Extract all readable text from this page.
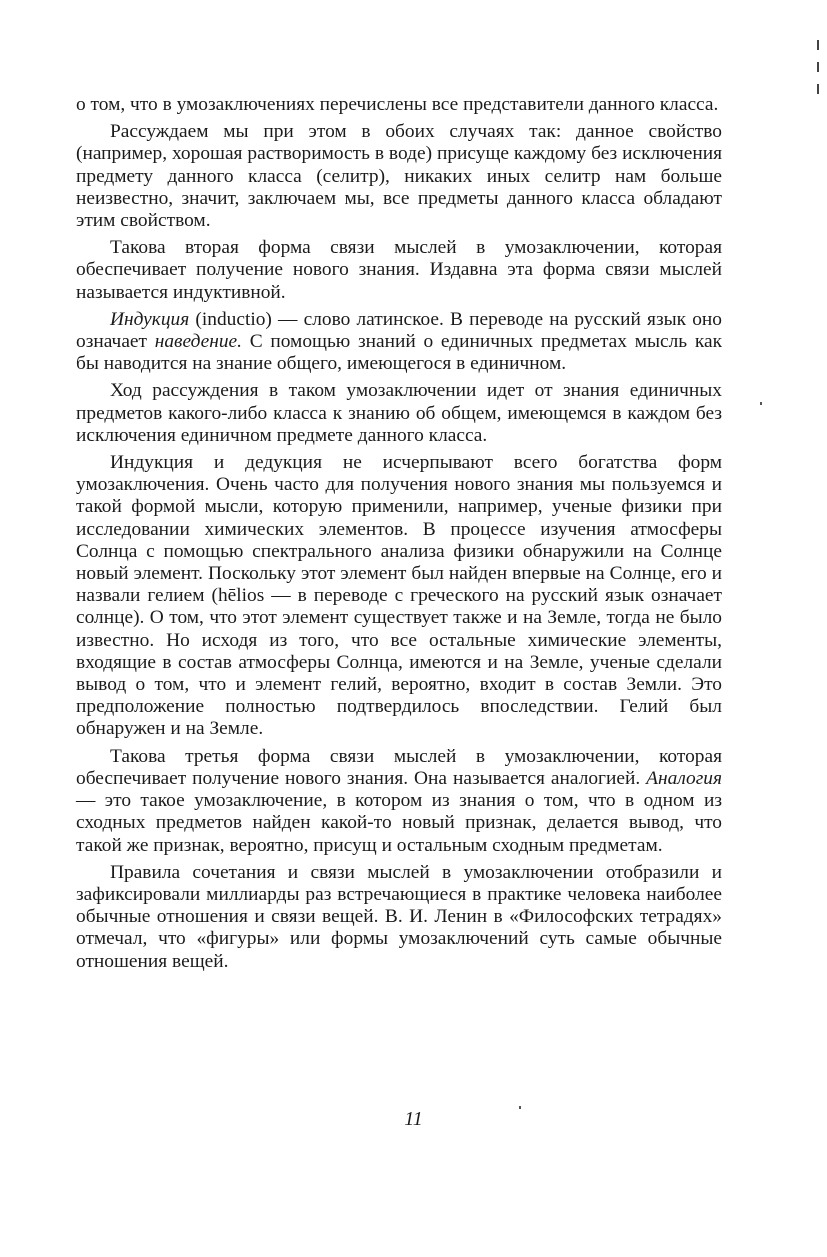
о том, что в умозаключениях перечислены все представители данного класса.

Рассуждаем мы при этом в обоих случаях так: данное свойство (например, хорошая растворимость в воде) присуще каждому без исключения предмету данного класса (селитр), никаких иных селитр нам больше неизвестно, значит, заключаем мы, все предметы данного класса обладают этим свойством.

Такова вторая форма связи мыслей в умозаключении, которая обеспечивает получение нового знания. Издавна эта форма связи мыслей называется индуктивной.

Индукция (inductio) — слово латинское. В переводе на русский язык оно означает наведение. С помощью знаний о единичных предметах мысль как бы наводится на знание общего, имеющегося в единичном.

Ход рассуждения в таком умозаключении идет от знания единичных предметов какого-либо класса к знанию об общем, имеющемся в каждом без исключения единичном предмете данного класса.

Индукция и дедукция не исчерпывают всего богатства форм умозаключения. Очень часто для получения нового знания мы пользуемся и такой формой мысли, которую применили, например, ученые физики при исследовании химических элементов. В процессе изучения атмосферы Солнца с помощью спектрального анализа физики обнаружили на Солнце новый элемент. Поскольку этот элемент был найден впервые на Солнце, его и назвали гелием (hēlios — в переводе с греческого на русский язык означает солнце). О том, что этот элемент существует также и на Земле, тогда не было известно. Но исходя из того, что все остальные химические элементы, входящие в состав атмосферы Солнца, имеются и на Земле, ученые сделали вывод о том, что и элемент гелий, вероятно, входит в состав Земли. Это предположение полностью подтвердилось впоследствии. Гелий был обнаружен и на Земле.

Такова третья форма связи мыслей в умозаключении, которая обеспечивает получение нового знания. Она называется аналогией. Аналогия — это такое умозаключение, в котором из знания о том, что в одном из сходных предметов найден какой-то новый признак, делается вывод, что такой же признак, вероятно, присущ и остальным сходным предметам.

Правила сочетания и связи мыслей в умозаключении отобразили и зафиксировали миллиарды раз встречающиеся в практике человека наиболее обычные отношения и связи вещей. В. И. Ленин в «Философских тетрадях» отмечал, что «фигуры» или формы умозаключений суть самые обычные отношения вещей.

11
